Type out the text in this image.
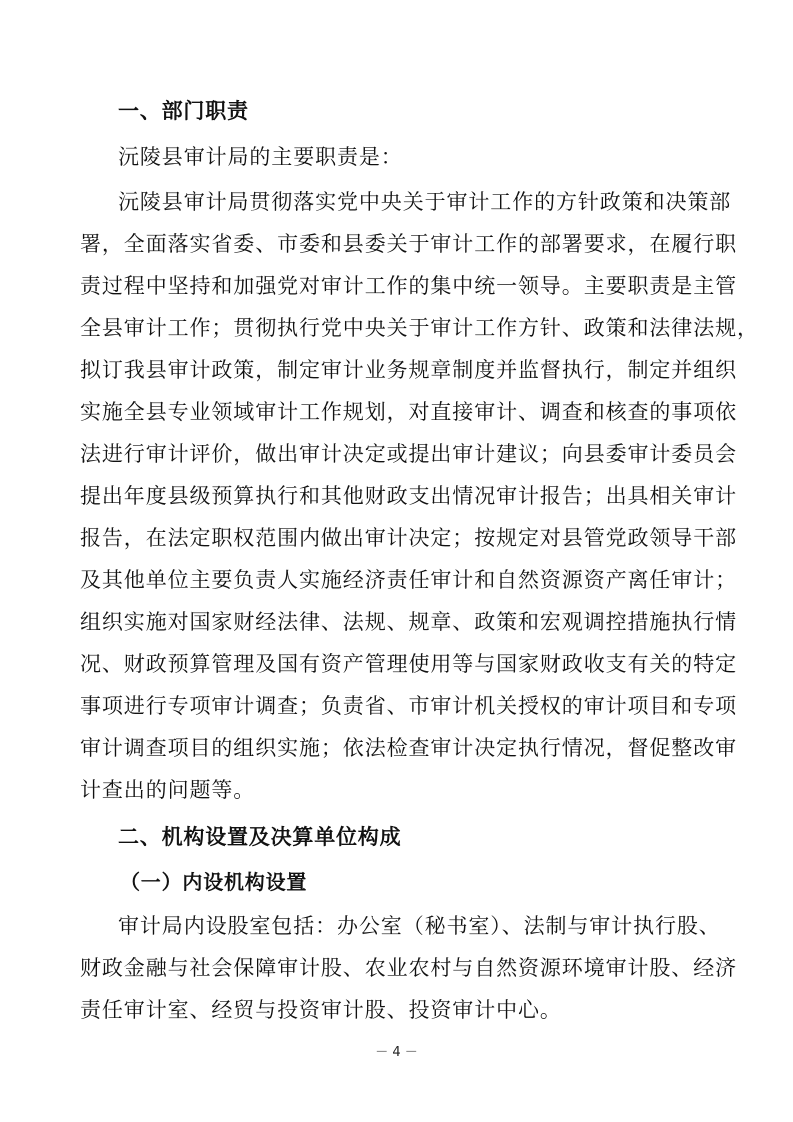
一、部门职责
沅陵县审计局的主要职责是：
沅陵县审计局贯彻落实党中央关于审计工作的方针政策和决策部
署，全面落实省委、市委和县委关于审计工作的部署要求，在履行职
责过程中坚持和加强党对审计工作的集中统一领导。主要职责是主管
全县审计工作；贯彻执行党中央关于审计工作方针、政策和法律法规，
拟订我县审计政策，制定审计业务规章制度并监督执行，制定并组织
实施全县专业领域审计工作规划，对直接审计、调查和核查的事项依
法进行审计评价，做出审计决定或提出审计建议；向县委审计委员会
提出年度县级预算执行和其他财政支出情况审计报告；出具相关审计
报告，在法定职权范围内做出审计决定；按规定对县管党政领导干部
及其他单位主要负责人实施经济责任审计和自然资源资产离任审计；
组织实施对国家财经法律、法规、规章、政策和宏观调控措施执行情
况、财政预算管理及国有资产管理使用等与国家财政收支有关的特定
事项进行专项审计调查；负责省、市审计机关授权的审计项目和专项
审计调查项目的组织实施；依法检查审计决定执行情况，督促整改审
计查出的问题等。
二、机构设置及决算单位构成
（一）内设机构设置
审计局内设股室包括：办公室（秘书室）、法制与审计执行股、
财政金融与社会保障审计股、农业农村与自然资源环境审计股、经济
责任审计室、经贸与投资审计股、投资审计中心。
－ 4 －
